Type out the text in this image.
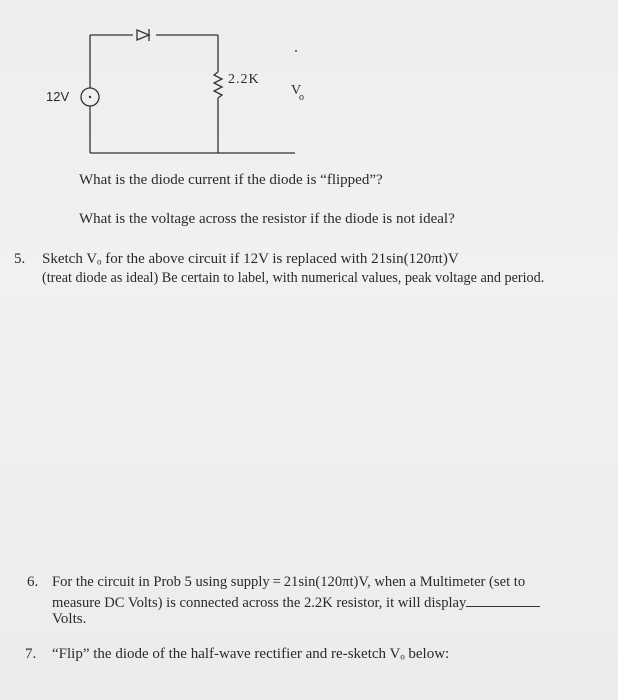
12V
2.2K
V
o
What is the diode current if the diode is “flipped”?
What is the voltage across the resistor if the diode is not ideal?
5. Sketch Vₒ for the above circuit if 12V is replaced with 21sin(120πt)V
(treat diode as ideal) Be certain to label, with numerical values, peak voltage and period.
6. For the circuit in Prob 5 using supply = 21sin(120πt)V, when a Multimeter (set to
measure DC Volts) is connected across the 2.2K resistor, it will display
Volts.
7. “Flip” the diode of the half-wave rectifier and re-sketch Vₒ below:
